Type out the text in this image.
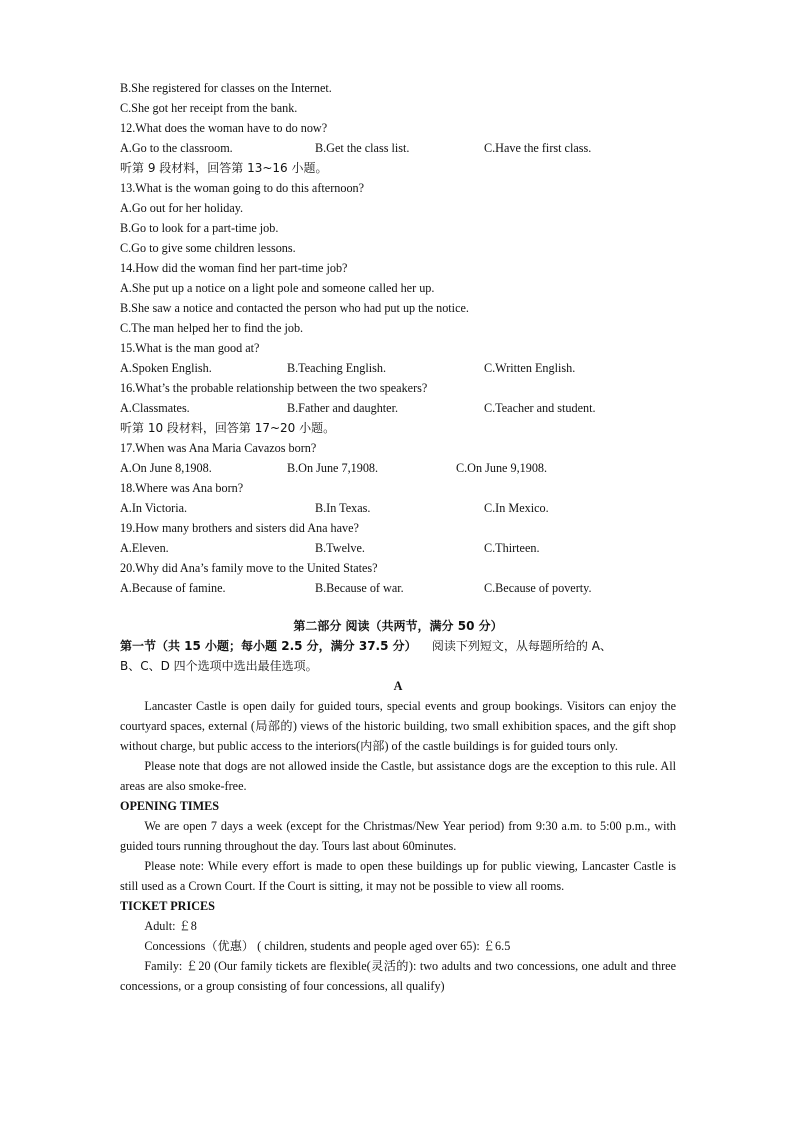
B.She registered for classes on the Internet.
C.She got her receipt from the bank.
12.What does the woman have to do now?
A.Go to the classroom.	B.Get the class list.	C.Have the first class.
听第 9 段材料，回答第 13~16 小题。
13.What is the woman going to do this afternoon?
A.Go out for her holiday.
B.Go to look for a part-time job.
C.Go to give some children lessons.
14.How did the woman find her part-time job?
A.She put up a notice on a light pole and someone called her up.
B.She saw a notice and contacted the person who had put up the notice.
C.The man helped her to find the job.
15.What is the man good at?
A.Spoken English.	B.Teaching English.	C.Written English.
16.What’s the probable relationship between the two speakers?
A.Classmates.	B.Father and daughter.	C.Teacher and student.
听第 10 段材料，回答第 17~20 小题。
17.When was Ana Maria Cavazos born?
A.On June 8,1908.	B.On June 7,1908.	C.On June 9,1908.
18.Where was Ana born?
A.In Victoria.	B.In Texas.	C.In Mexico.
19.How many brothers and sisters did Ana have?
A.Eleven.	B.Twelve.	C.Thirteen.
20.Why did Ana’s family move to the United States?
A.Because of famine.	B.Because of war.	C.Because of poverty.
第二部分 阅读（共两节，满分 50 分）
第一节（共 15 小题；每小题 2.5 分，满分 37.5 分） 阅读下列短文，从每题所给的 A、
B、C、D 四个选项中选出最佳选项。
A
Lancaster Castle is open daily for guided tours, special events and group bookings. Visitors can enjoy the courtyard spaces, external (局部的) views of the historic building, two small exhibition spaces, and the gift shop without charge, but public access to the interiors(内部) of the castle buildings is for guided tours only.
Please note that dogs are not allowed inside the Castle, but assistance dogs are the exception to this rule. All areas are also smoke-free.
OPENING TIMES
We are open 7 days a week (except for the Christmas/New Year period) from 9:30 a.m. to 5:00 p.m., with guided tours running throughout the day. Tours last about 60minutes.
Please note: While every effort is made to open these buildings up for public viewing, Lancaster Castle is still used as a Crown Court. If the Court is sitting, it may not be possible to view all rooms.
TICKET PRICES
Adult: ￡8
Concessions（优惠） ( children, students and people aged over 65): ￡6.5
Family: ￡20 (Our family tickets are flexible(灵活的): two adults and two concessions, one adult and three concessions, or a group consisting of four concessions, all qualify)
